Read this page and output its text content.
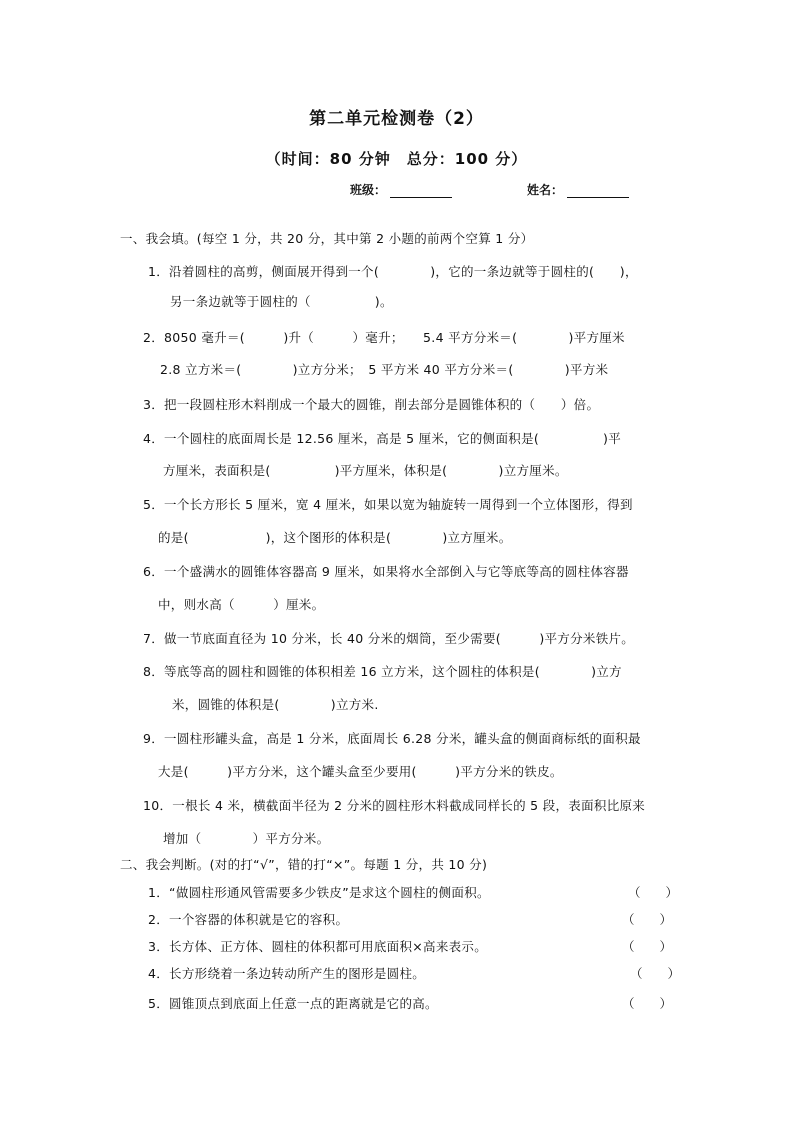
第二单元检测卷（2）
（时间：80 分钟　总分：100 分）
班级：	姓名：
一、我会填。(每空 1 分，共 20 分，其中第 2 小题的前两个空算 1 分）
1．沿着圆柱的高剪，侧面展开得到一个(　　　　)，它的一条边就等于圆柱的(　　)，
另一条边就等于圆柱的（　　　　　)。
2．8050 毫升＝(　　　)升（　　　）毫升；　　5.4 平方分米＝(　　　　)平方厘米
2.8 立方米＝(　　　　)立方分米；　5 平方米 40 平方分米＝(　　　　)平方米
3．把一段圆柱形木料削成一个最大的圆锥，削去部分是圆锥体积的（　　）倍。
4．一个圆柱的底面周长是 12.56 厘米，高是 5 厘米，它的侧面积是(　　　　　)平
方厘米，表面积是(　　　　　)平方厘米，体积是(　　　　)立方厘米。
5．一个长方形长 5 厘米，宽 4 厘米，如果以宽为轴旋转一周得到一个立体图形，得到
的是(　　　　　　)，这个图形的体积是(　　　　)立方厘米。
6．一个盛满水的圆锥体容器高 9 厘米，如果将水全部倒入与它等底等高的圆柱体容器
中，则水高（　　　）厘米。
7．做一节底面直径为 10 分米，长 40 分米的烟筒，至少需要(　　　)平方分米铁片。
8．等底等高的圆柱和圆锥的体积相差 16 立方米，这个圆柱的体积是(　　　　)立方
米，圆锥的体积是(　　　　)立方米.
9．一圆柱形罐头盒，高是 1 分米，底面周长 6.28 分米，罐头盒的侧面商标纸的面积最
大是(　　　)平方分米，这个罐头盒至少要用(　　　)平方分米的铁皮。
10．一根长 4 米，横截面半径为 2 分米的圆柱形木料截成同样长的 5 段，表面积比原来
增加（　　　　）平方分米。
二、我会判断。(对的打“√”，错的打“×”。每题 1 分，共 10 分)
1．“做圆柱形通风管需要多少铁皮”是求这个圆柱的侧面积。	（　　）
2．一个容器的体积就是它的容积。	（　　）
3．长方体、正方体、圆柱的体积都可用底面积×高来表示。	（　　）
4．长方形绕着一条边转动所产生的图形是圆柱。	（　　）
5．圆锥顶点到底面上任意一点的距离就是它的高。	（　　）
